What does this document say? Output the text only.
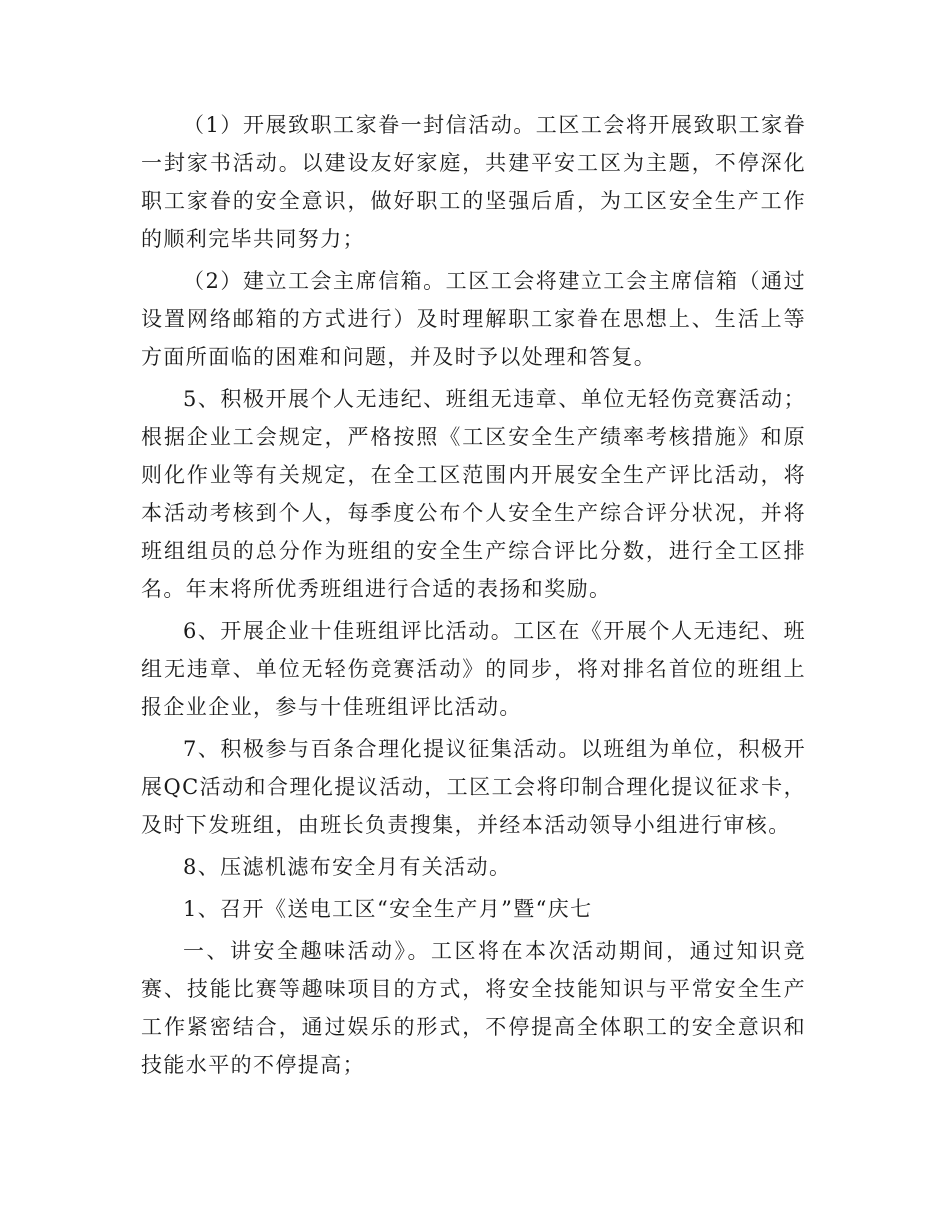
（1）开展致职工家眷一封信活动。工区工会将开展致职工家眷一封家书活动。以建设友好家庭，共建平安工区为主题，不停深化职工家眷的安全意识，做好职工的坚强后盾，为工区安全生产工作的顺利完毕共同努力；

（2）建立工会主席信箱。工区工会将建立工会主席信箱（通过设置网络邮箱的方式进行）及时理解职工家眷在思想上、生活上等方面所面临的困难和问题，并及时予以处理和答复。

5、积极开展个人无违纪、班组无违章、单位无轻伤竞赛活动；根据企业工会规定，严格按照《工区安全生产绩率考核措施》和原则化作业等有关规定，在全工区范围内开展安全生产评比活动，将本活动考核到个人，每季度公布个人安全生产综合评分状况，并将班组组员的总分作为班组的安全生产综合评比分数，进行全工区排名。年末将所优秀班组进行合适的表扬和奖励。

6、开展企业十佳班组评比活动。工区在《开展个人无违纪、班组无违章、单位无轻伤竞赛活动》的同步，将对排名首位的班组上报企业企业，参与十佳班组评比活动。

7、积极参与百条合理化提议征集活动。以班组为单位，积极开展QC活动和合理化提议活动，工区工会将印制合理化提议征求卡，及时下发班组，由班长负责搜集，并经本活动领导小组进行审核。

8、压滤机滤布安全月有关活动。

1、召开《送电工区“安全生产月”暨“庆七

一、讲安全趣味活动》。工区将在本次活动期间，通过知识竞赛、技能比赛等趣味项目的方式，将安全技能知识与平常安全生产工作紧密结合，通过娱乐的形式，不停提高全体职工的安全意识和技能水平的不停提高；
